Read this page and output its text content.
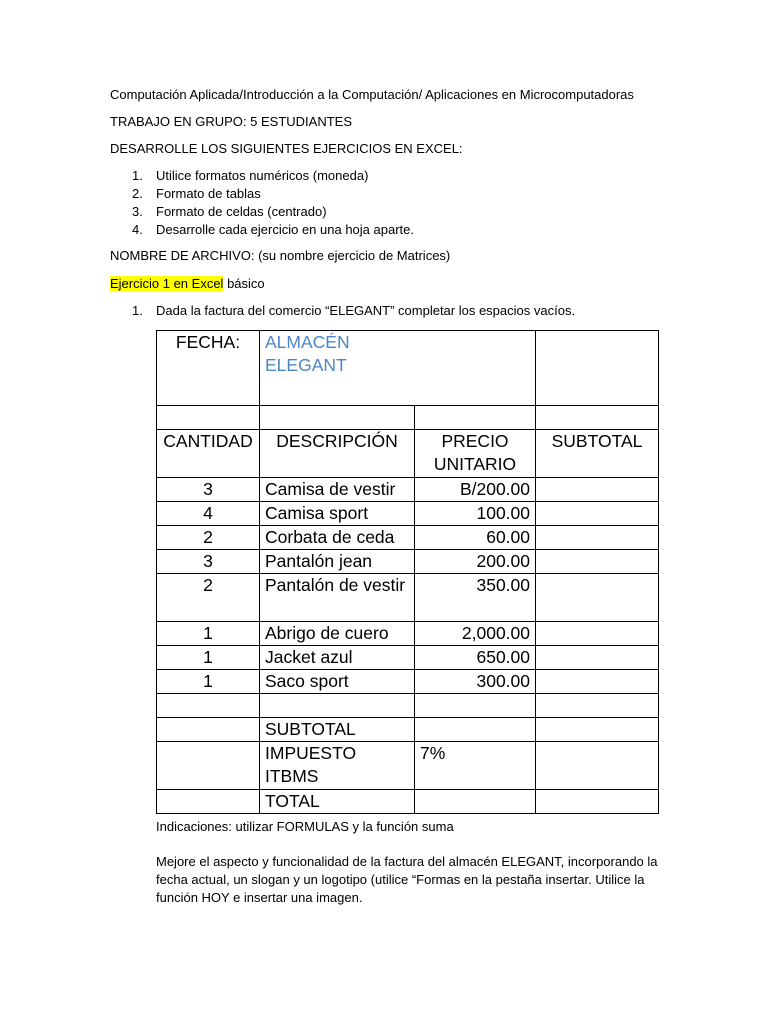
Computación Aplicada/Introducción a la Computación/ Aplicaciones en Microcomputadoras
TRABAJO EN GRUPO: 5 ESTUDIANTES
DESARROLLE LOS SIGUIENTES EJERCICIOS EN EXCEL:
1. Utilice formatos numéricos (moneda)
2. Formato de tablas
3. Formato de celdas (centrado)
4. Desarrolle cada ejercicio en una hoja aparte.
NOMBRE DE ARCHIVO: (su nombre ejercicio de Matrices)
Ejercicio 1 en Excel básico
1. Dada la factura del comercio “ELEGANT” completar los espacios vacíos.
FECHA:	ALMACÉN
ELEGANT		

CANTIDAD	DESCRIPCIÓN	PRECIO UNITARIO	SUBTOTAL
3	Camisa de vestir	B/200.00	
4	Camisa sport	100.00	
2	Corbata de ceda	60.00	
3	Pantalón jean	200.00	
2	Pantalón de vestir	350.00	
1	Abrigo de cuero	2,000.00	
1	Jacket azul	650.00	
1	Saco sport	300.00	

	SUBTOTAL		
	IMPUESTO ITBMS	7%	
	TOTAL		
Indicaciones: utilizar FORMULAS y la función suma
Mejore el aspecto y funcionalidad de la factura del almacén ELEGANT, incorporando la fecha actual, un slogan y un logotipo (utilice “Formas en la pestaña insertar. Utilice la función HOY e insertar una imagen.
